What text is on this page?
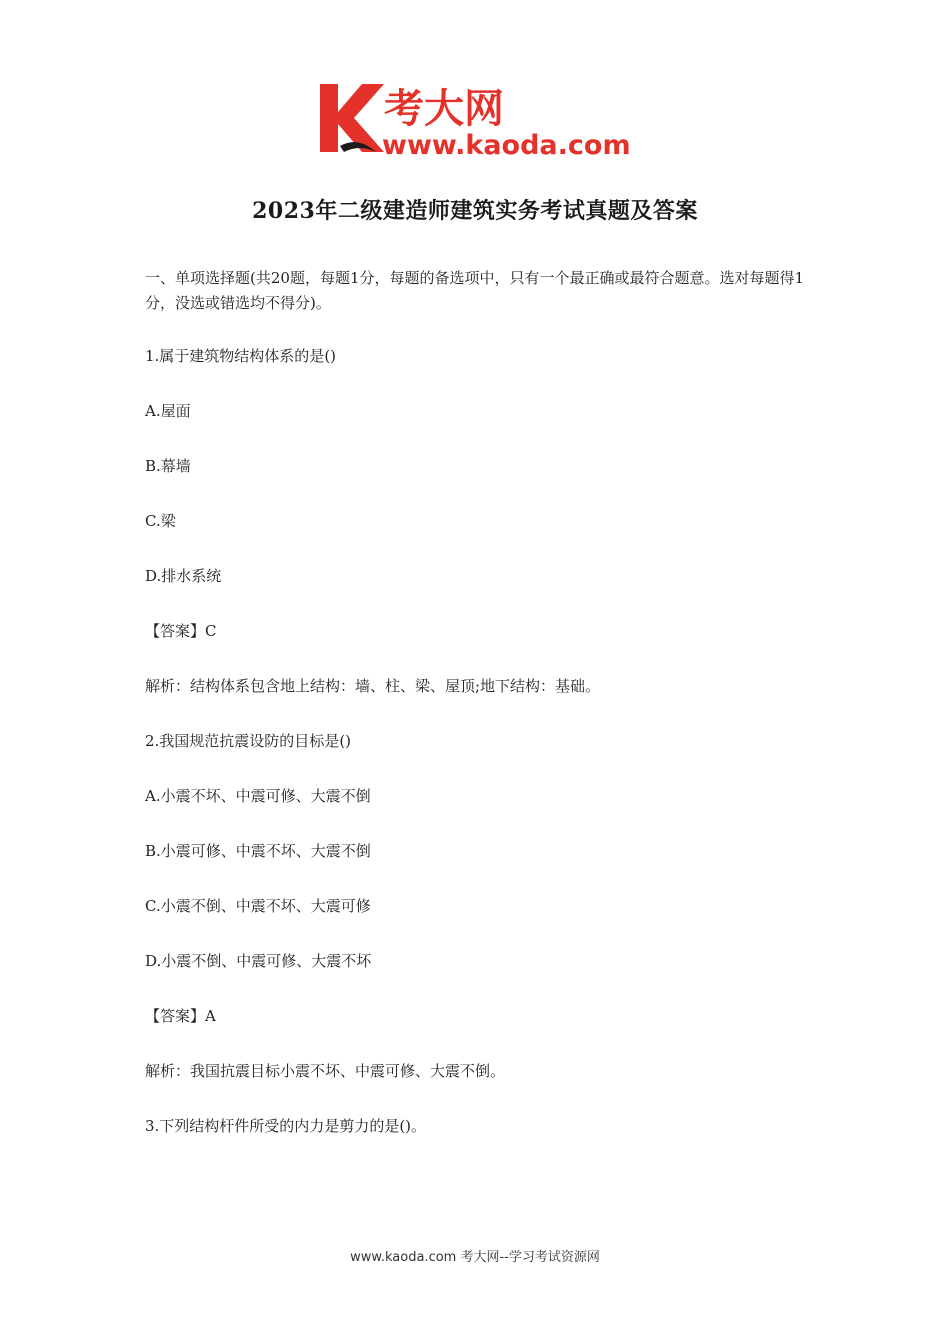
考大网
www.kaoda.com
2023年二级建造师建筑实务考试真题及答案

一、单项选择题(共20题，每题1分，每题的备选项中，只有一个最正确或最符合题意。选对每题得1分，没选或错选均不得分)。

1.属于建筑物结构体系的是()

A.屋面

B.幕墙

C.梁

D.排水系统

【答案】C

解析：结构体系包含地上结构：墙、柱、梁、屋顶;地下结构：基础。

2.我国规范抗震设防的目标是()

A.小震不坏、中震可修、大震不倒

B.小震可修、中震不坏、大震不倒

C.小震不倒、中震不坏、大震可修

D.小震不倒、中震可修、大震不坏

【答案】A

解析：我国抗震目标小震不坏、中震可修、大震不倒。

3.下列结构杆件所受的内力是剪力的是()。

www.kaoda.com 考大网--学习考试资源网
